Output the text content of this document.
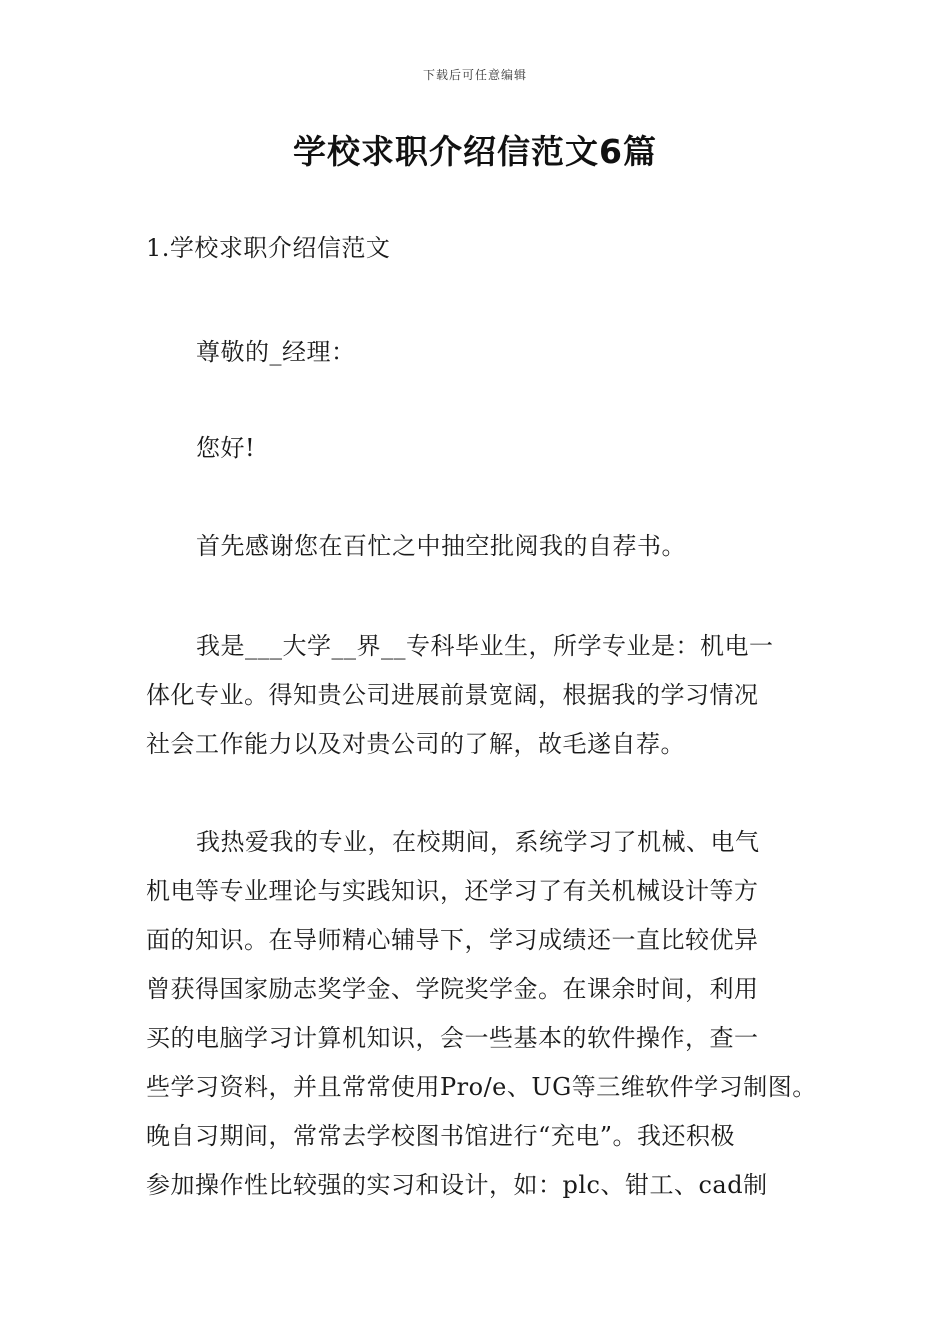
下载后可任意编辑
学校求职介绍信范文6篇

1.学校求职介绍信范文

尊敬的_经理：

您好!

首先感谢您在百忙之中抽空批阅我的自荐书。

我是___大学__界__专科毕业生，所学专业是：机电一
体化专业。得知贵公司进展前景宽阔，根据我的学习情况
社会工作能力以及对贵公司的了解，故毛遂自荐。

我热爱我的专业，在校期间，系统学习了机械、电气
机电等专业理论与实践知识，还学习了有关机械设计等方
面的知识。在导师精心辅导下，学习成绩还一直比较优异
曾获得国家励志奖学金、学院奖学金。在课余时间，利用
买的电脑学习计算机知识，会一些基本的软件操作，查一
些学习资料，并且常常使用Pro/e、UG等三维软件学习制图。
晚自习期间，常常去学校图书馆进行“充电”。我还积极
参加操作性比较强的实习和设计，如：plc、钳工、cad制
